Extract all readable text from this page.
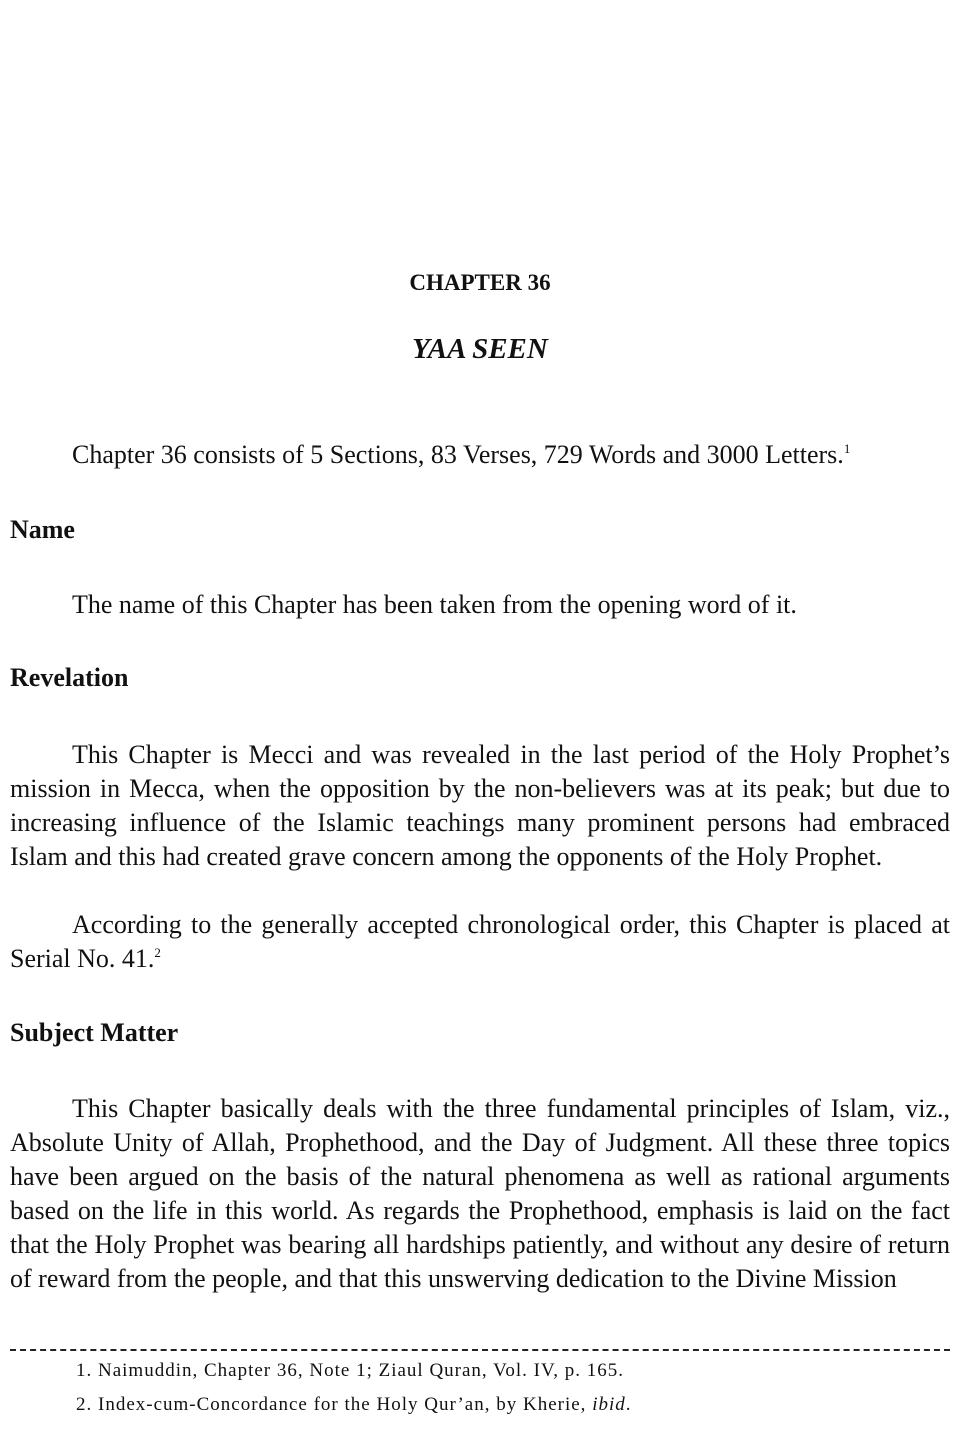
CHAPTER 36
YAA SEEN

Chapter 36 consists of 5 Sections, 83 Verses, 729 Words and 3000 Letters.$^1$

Name

The name of this Chapter has been taken from the opening word of it.

Revelation

This Chapter is Mecci and was revealed in the last period of the Holy Prophet’s mission in Mecca, when the opposition by the non-believers was at its peak; but due to increasing influence of the Islamic teachings many prominent persons had embraced Islam and this had created grave concern among the opponents of the Holy Prophet.

According to the generally accepted chronological order, this Chapter is placed at Serial No. 41.$^2$

Subject Matter

This Chapter basically deals with the three fundamental principles of Islam, viz., Absolute Unity of Allah, Prophethood, and the Day of Judgment. All these three topics have been argued on the basis of the natural phenomena as well as rational arguments based on the life in this world. As regards the Prophethood, emphasis is laid on the fact that the Holy Prophet was bearing all hardships patiently, and without any desire of return of reward from the people, and that this unswerving dedication to the Divine Mission

1. Naimuddin, Chapter 36, Note 1; Ziaul Quran, Vol. IV, p. 165.

2. Index-cum-Concordance for the Holy Qur’an, by Kherie, ibid.
